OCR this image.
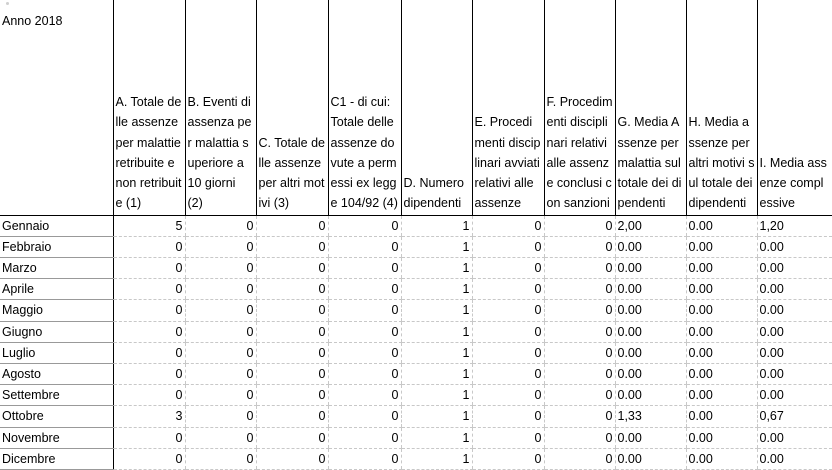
Anno 2018	A. Totale delle assenze per malattie retribuite e non retribuite (1)	B. Eventi di assenza per malattia superiore a 10 giorni (2)	C. Totale delle assenze per altri motivi (3)	C1 - di cui: Totale delle assenze dovute a permessi ex legge 104/92 (4)	D. Numero dipendenti	E. Procedimenti disciplinari avviati relativi alle assenze	F. Procedimenti disciplinari relativi alle assenze conclusi con sanzioni	G. Media Assenze per malattia sul totale dei dipendenti	H. Media assenze per altri motivi sul totale dei dipendenti	I. Media assenze complessive
Gennaio	5	0	0	0	1	0	0	2,00	0.00	1,20
Febbraio	0	0	0	0	1	0	0	0.00	0.00	0.00
Marzo	0	0	0	0	1	0	0	0.00	0.00	0.00
Aprile	0	0	0	0	1	0	0	0.00	0.00	0.00
Maggio	0	0	0	0	1	0	0	0.00	0.00	0.00
Giugno	0	0	0	0	1	0	0	0.00	0.00	0.00
Luglio	0	0	0	0	1	0	0	0.00	0.00	0.00
Agosto	0	0	0	0	1	0	0	0.00	0.00	0.00
Settembre	0	0	0	0	1	0	0	0.00	0.00	0.00
Ottobre	3	0	0	0	1	0	0	1,33	0.00	0,67
Novembre	0	0	0	0	1	0	0	0.00	0.00	0.00
Dicembre	0	0	0	0	1	0	0	0.00	0.00	0.00
